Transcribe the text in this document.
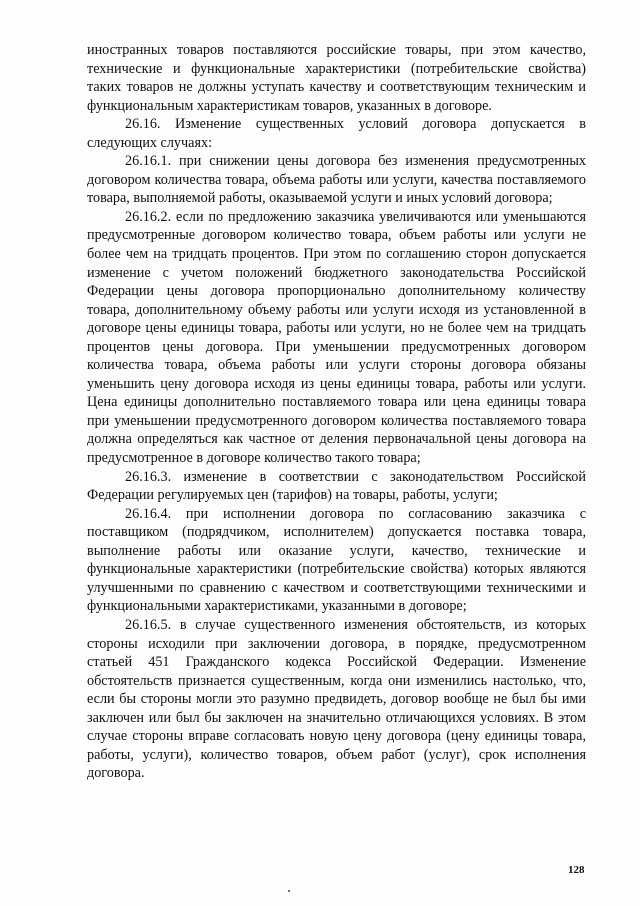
иностранных товаров поставляются российские товары, при этом качество, технические и функциональные характеристики (потребительские свойства) таких товаров не должны уступать качеству и соответствующим техническим и функциональным характеристикам товаров, указанных в договоре.

26.16. Изменение существенных условий договора допускается в следующих случаях:

26.16.1. при снижении цены договора без изменения предусмотренных договором количества товара, объема работы или услуги, качества поставляемого товара, выполняемой работы, оказываемой услуги и иных условий договора;

26.16.2. если по предложению заказчика увеличиваются или уменьшаются предусмотренные договором количество товара, объем работы или услуги не более чем на тридцать процентов. При этом по соглашению сторон допускается изменение с учетом положений бюджетного законодательства Российской Федерации цены договора пропорционально дополнительному количеству товара, дополнительному объему работы или услуги исходя из установленной в договоре цены единицы товара, работы или услуги, но не более чем на тридцать процентов цены договора. При уменьшении предусмотренных договором количества товара, объема работы или услуги стороны договора обязаны уменьшить цену договора исходя из цены единицы товара, работы или услуги. Цена единицы дополнительно поставляемого товара или цена единицы товара при уменьшении предусмотренного договором количества поставляемого товара должна определяться как частное от деления первоначальной цены договора на предусмотренное в договоре количество такого товара;

26.16.3. изменение в соответствии с законодательством Российской Федерации регулируемых цен (тарифов) на товары, работы, услуги;

26.16.4. при исполнении договора по согласованию заказчика с поставщиком (подрядчиком, исполнителем) допускается поставка товара, выполнение работы или оказание услуги, качество, технические и функциональные характеристики (потребительские свойства) которых являются улучшенными по сравнению с качеством и соответствующими техническими и функциональными характеристиками, указанными в договоре;

26.16.5. в случае существенного изменения обстоятельств, из которых стороны исходили при заключении договора, в порядке, предусмотренном статьей 451 Гражданского кодекса Российской Федерации. Изменение обстоятельств признается существенным, когда они изменились настолько, что, если бы стороны могли это разумно предвидеть, договор вообще не был бы ими заключен или был бы заключен на значительно отличающихся условиях. В этом случае стороны вправе согласовать новую цену договора (цену единицы товара, работы, услуги), количество товаров, объем работ (услуг), срок исполнения договора.

128
